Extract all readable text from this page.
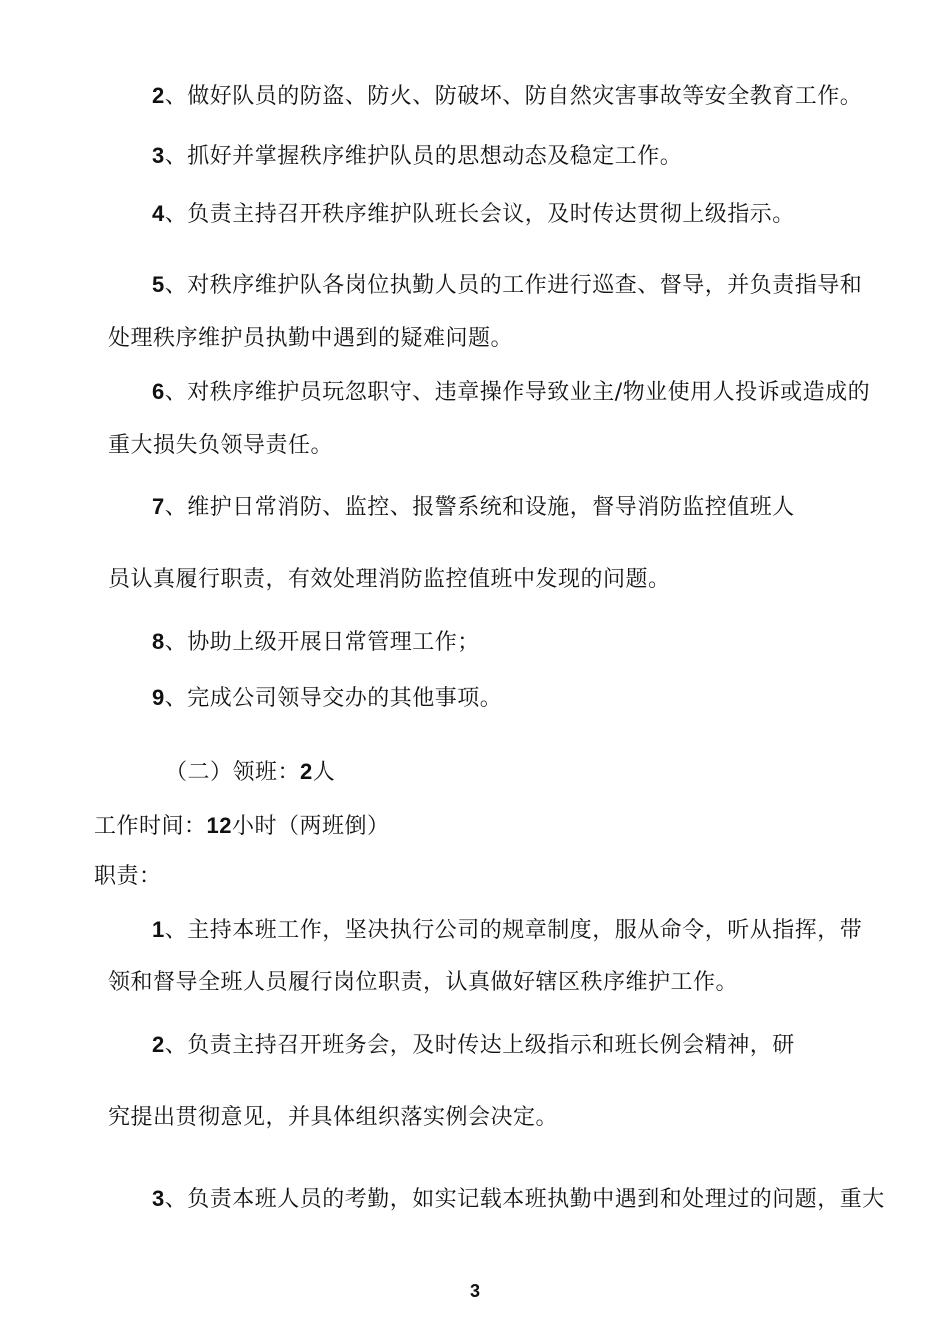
2、做好队员的防盗、防火、防破坏、防自然灾害事故等安全教育工作。
3、抓好并掌握秩序维护队员的思想动态及稳定工作。
4、负责主持召开秩序维护队班长会议，及时传达贯彻上级指示。
5、对秩序维护队各岗位执勤人员的工作进行巡查、督导，并负责指导和
处理秩序维护员执勤中遇到的疑难问题。
6、对秩序维护员玩忽职守、违章操作导致业主/物业使用人投诉或造成的
重大损失负领导责任。
7、维护日常消防、监控、报警系统和设施，督导消防监控值班人
员认真履行职责，有效处理消防监控值班中发现的问题。
8、协助上级开展日常管理工作；
9、完成公司领导交办的其他事项。
（二）领班：2人
工作时间：12小时（两班倒）
职责：
1、主持本班工作，坚决执行公司的规章制度，服从命令，听从指挥，带
领和督导全班人员履行岗位职责，认真做好辖区秩序维护工作。
2、负责主持召开班务会，及时传达上级指示和班长例会精神，研
究提出贯彻意见，并具体组织落实例会决定。
3、负责本班人员的考勤，如实记载本班执勤中遇到和处理过的问题，重大
3
